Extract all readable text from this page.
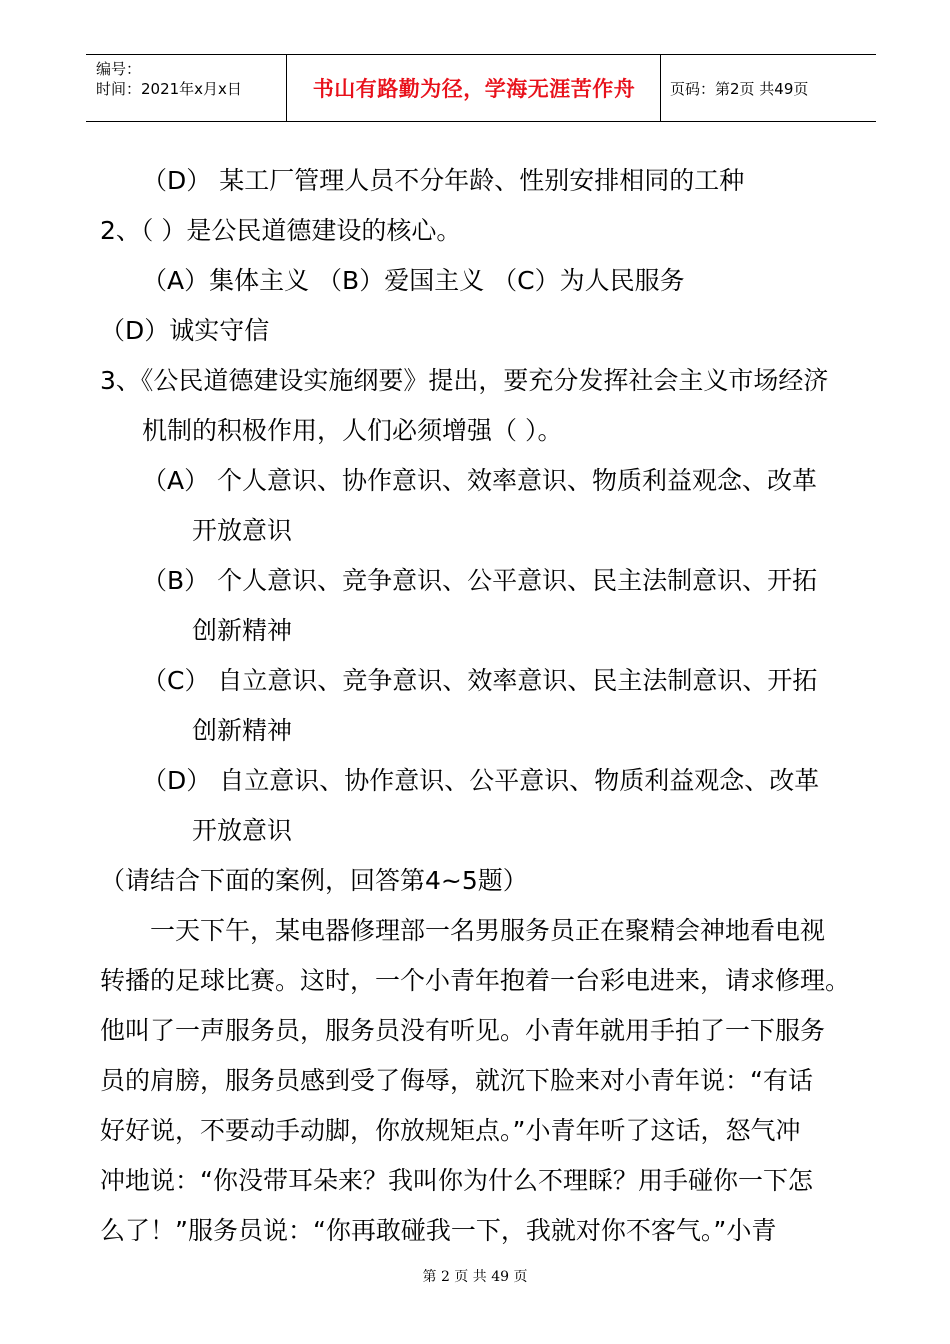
编号：
时间：2021年x月x日	书山有路勤为径，学海无涯苦作舟	页码：第2页 共49页
（D） 某工厂管理人员不分年龄、性别安排相同的工种
2、（ ）是公民道德建设的核心。
（A）集体主义 （B）爱国主义 （C）为人民服务
（D）诚实守信
3、《公民道德建设实施纲要》提出，要充分发挥社会主义市场经济
机制的积极作用，人们必须增强（ ）。
（A） 个人意识、协作意识、效率意识、物质利益观念、改革
开放意识
（B） 个人意识、竞争意识、公平意识、民主法制意识、开拓
创新精神
（C） 自立意识、竞争意识、效率意识、民主法制意识、开拓
创新精神
（D） 自立意识、协作意识、公平意识、物质利益观念、改革
开放意识
（请结合下面的案例，回答第4~5题）
一天下午，某电器修理部一名男服务员正在聚精会神地看电视
转播的足球比赛。这时，一个小青年抱着一台彩电进来，请求修理。
他叫了一声服务员，服务员没有听见。小青年就用手拍了一下服务
员的肩膀，服务员感到受了侮辱，就沉下脸来对小青年说：“有话
好好说，不要动手动脚，你放规矩点。”小青年听了这话，怒气冲
冲地说：“你没带耳朵来？我叫你为什么不理睬？用手碰你一下怎
么了！”服务员说：“你再敢碰我一下，我就对你不客气。”小青
第 2 页 共 49 页
